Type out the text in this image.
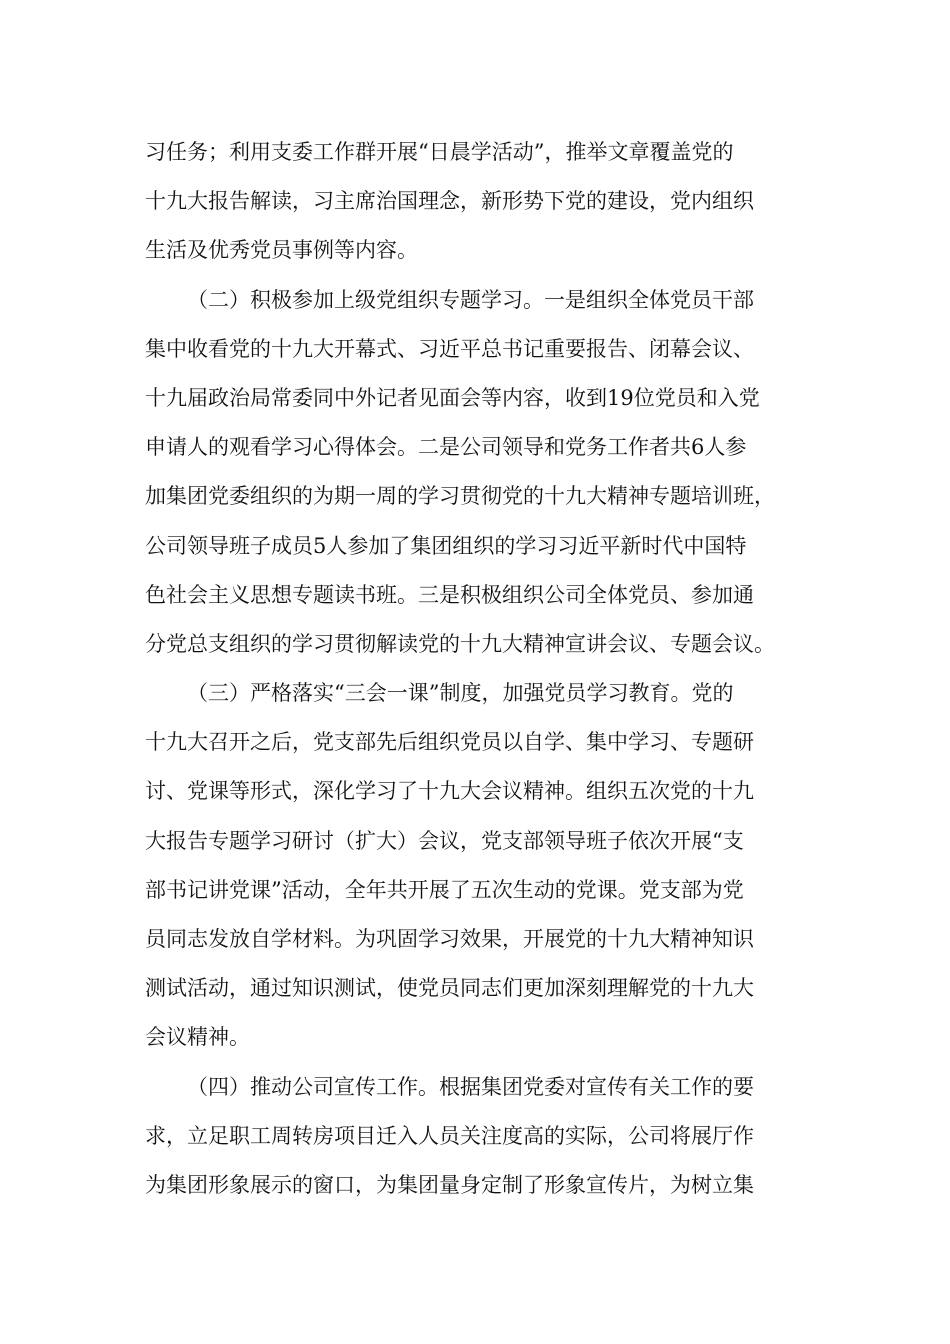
习任务；利用支委工作群开展“日晨学活动”，推举文章覆盖党的
十九大报告解读，习主席治国理念，新形势下党的建设，党内组织
生活及优秀党员事例等内容。
（二）积极参加上级党组织专题学习。一是组织全体党员干部
集中收看党的十九大开幕式、习近平总书记重要报告、闭幕会议、
十九届政治局常委同中外记者见面会等内容，收到19位党员和入党
申请人的观看学习心得体会。二是公司领导和党务工作者共6人参
加集团党委组织的为期一周的学习贯彻党的十九大精神专题培训班，
公司领导班子成员5人参加了集团组织的学习习近平新时代中国特
色社会主义思想专题读书班。三是积极组织公司全体党员、参加通
分党总支组织的学习贯彻解读党的十九大精神宣讲会议、专题会议。
（三）严格落实“三会一课”制度，加强党员学习教育。党的
十九大召开之后，党支部先后组织党员以自学、集中学习、专题研
讨、党课等形式，深化学习了十九大会议精神。组织五次党的十九
大报告专题学习研讨（扩大）会议，党支部领导班子依次开展“支
部书记讲党课”活动，全年共开展了五次生动的党课。党支部为党
员同志发放自学材料。为巩固学习效果，开展党的十九大精神知识
测试活动，通过知识测试，使党员同志们更加深刻理解党的十九大
会议精神。
（四）推动公司宣传工作。根据集团党委对宣传有关工作的要
求，立足职工周转房项目迁入人员关注度高的实际，公司将展厅作
为集团形象展示的窗口，为集团量身定制了形象宣传片，为树立集
